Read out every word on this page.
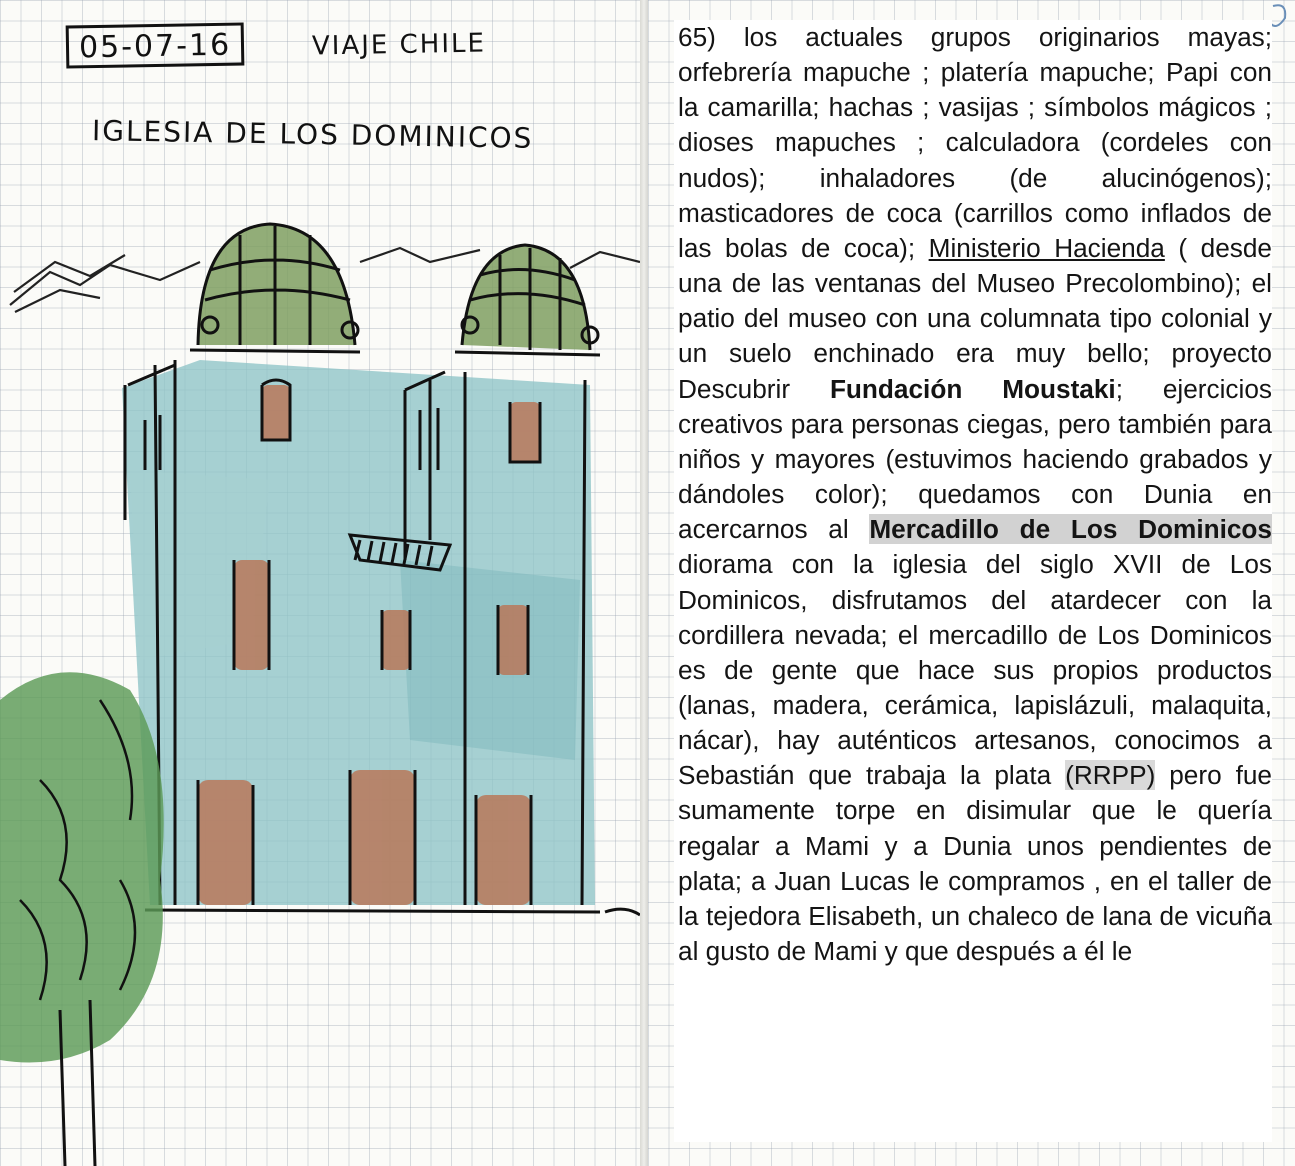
05-07-16	VIAJE CHILE
IGLESIA DE LOS DOMINICOS

65) los actuales grupos originarios mayas; orfebrería mapuche ; platería mapuche; Papi con la camarilla; hachas ; vasijas ; símbolos mágicos ; dioses mapuches ; calculadora (cordeles con nudos); inhaladores (de alucinógenos); masticadores de coca (carrillos como inflados de las bolas de coca); Ministerio Hacienda ( desde una de las ventanas del Museo Precolombino); el patio del museo con una columnata tipo colonial y un suelo enchinado era muy bello; proyecto Descubrir Fundación Moustaki; ejercicios creativos para personas ciegas, pero también para niños y mayores (estuvimos haciendo grabados y dándoles color); quedamos con Dunia en acercarnos al Mercadillo de Los Dominicos diorama con la iglesia del siglo XVII de Los Dominicos, disfrutamos del atardecer con la cordillera nevada; el mercadillo de Los Dominicos es de gente que hace sus propios productos (lanas, madera, cerámica, lapislázuli, malaquita, nácar), hay auténticos artesanos, conocimos a Sebastián que trabaja la plata (RRPP) pero fue sumamente torpe en disimular que le quería regalar a Mami y a Dunia unos pendientes de plata; a Juan Lucas le compramos , en el taller de la tejedora Elisabeth, un chaleco de lana de vicuña al gusto de Mami y que después a él le
